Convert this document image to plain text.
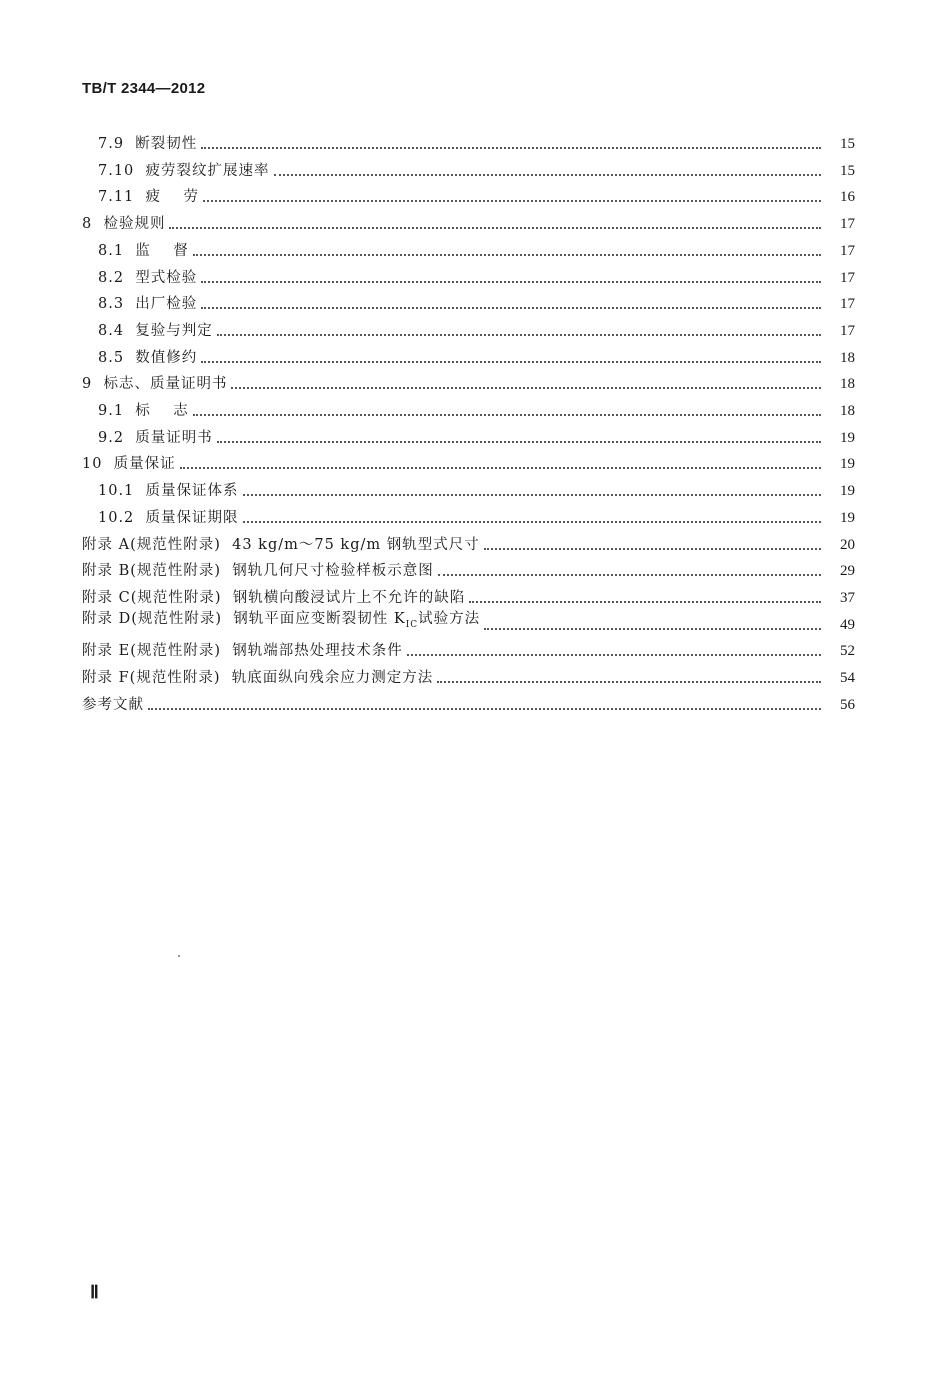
TB/T 2344—2012
7.9  断裂韧性	15
7.10  疲劳裂纹扩展速率	15
7.11  疲    劳	16
8  检验规则	17
8.1  监    督	17
8.2  型式检验	17
8.3  出厂检验	17
8.4  复验与判定	17
8.5  数值修约	18
9  标志、质量证明书	18
9.1  标    志	18
9.2  质量证明书	19
10  质量保证	19
10.1  质量保证体系	19
10.2  质量保证期限	19
附录 A(规范性附录)  43 kg/m～75 kg/m 钢轨型式尺寸	20
附录 B(规范性附录)  钢轨几何尺寸检验样板示意图	29
附录 C(规范性附录)  钢轨横向酸浸试片上不允许的缺陷	37
附录 D(规范性附录)  钢轨平面应变断裂韧性 $K_{IC}$试验方法	49
附录 E(规范性附录)  钢轨端部热处理技术条件	52
附录 F(规范性附录)  轨底面纵向残余应力测定方法	54
参考文献	56
Ⅱ
